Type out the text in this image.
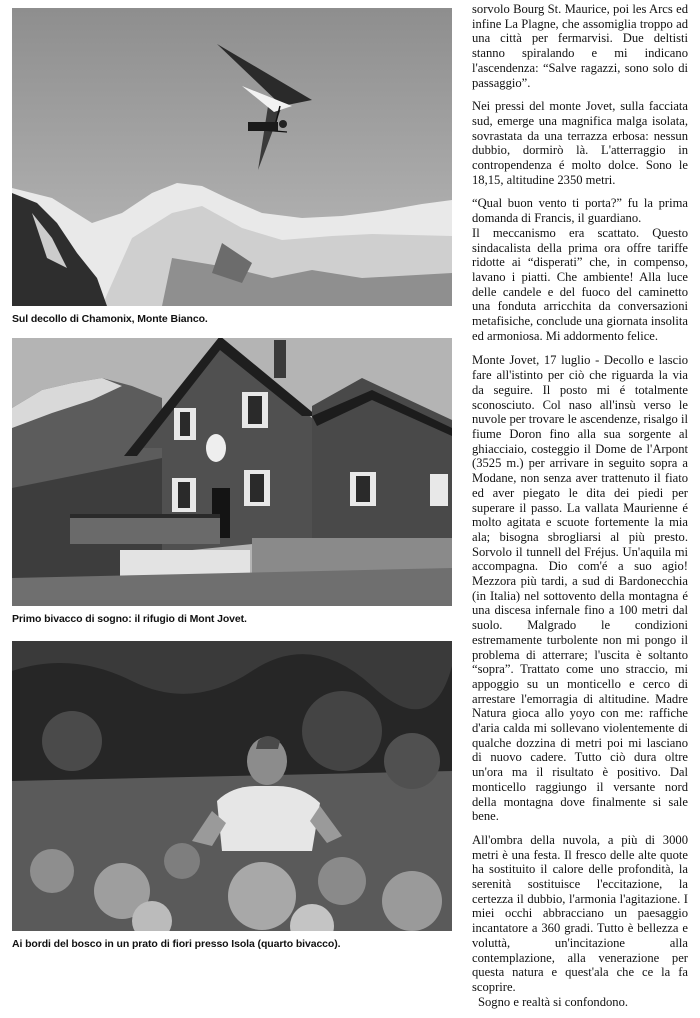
Sul decollo di Chamonix, Monte Bianco.
Primo bivacco di sogno: il rifugio di Mont Jovet.
Ai bordi del bosco in un prato di fiori presso Isola (quarto bivacco).

sorvolo Bourg St. Maurice, poi les Arcs ed infine La Plagne, che assomiglia troppo ad una città per fermarvisi. Due deltisti stanno spiralando e mi indicano l'ascendenza: “Salve ragazzi, sono solo di passaggio”.

Nei pressi del monte Jovet, sulla facciata sud, emerge una magnifica malga isolata, sovrastata da una terrazza erbosa: nessun dubbio, dormirò là. L'atterraggio in contropendenza é molto dolce. Sono le 18,15, altitudine 2350 metri.

“Qual buon vento ti porta?” fu la prima domanda di Francis, il guardiano.

Il meccanismo era scattato. Questo sindacalista della prima ora offre tariffe ridotte ai “disperati” che, in compenso, lavano i piatti. Che ambiente! Alla luce delle candele e del fuoco del caminetto una fonduta arricchita da conversazioni metafisiche, conclude una giornata insolita ed armoniosa. Mi addormento felice.

Monte Jovet, 17 luglio - Decollo e lascio fare all'istinto per ciò che riguarda la via da seguire. Il posto mi é totalmente sconosciuto. Col naso all'insù verso le nuvole per trovare le ascendenze, risalgo il fiume Doron fino alla sua sorgente al ghiacciaio, costeggio il Dome de l'Arpont (3525 m.) per arrivare in seguito sopra a Modane, non senza aver trattenuto il fiato ed aver piegato le dita dei piedi per superare il passo. La vallata Maurienne é molto agitata e scuote fortemente la mia ala; bisogna sbrogliarsi al più presto. Sorvolo il tunnell del Fréjus. Un'aquila mi accompagna. Dio com'é a suo agio! Mezzora più tardi, a sud di Bardonecchia (in Italia) nel sottovento della montagna é una discesa infernale fino a 100 metri dal suolo. Malgrado le condizioni estremamente turbolente non mi pongo il problema di atterrare; l'uscita è soltanto “sopra”. Trattato come uno straccio, mi appoggio su un monticello e cerco di arrestare l'emorragia di altitudine. Madre Natura gioca allo yoyo con me: raffiche d'aria calda mi sollevano violentemente di qualche dozzina di metri poi mi lasciano di nuovo cadere. Tutto ciò dura oltre un'ora ma il risultato è positivo. Dal monticello raggiungo il versante nord della montagna dove finalmente si sale bene.

All'ombra della nuvola, a più di 3000 metri è una festa. Il fresco delle alte quote ha sostituito il calore delle profondità, la serenità sostituisce l'eccitazione, la certezza il dubbio, l'armonia l'agitazione. I miei occhi abbracciano un paesaggio incantatore a 360 gradi. Tutto è bellezza e voluttà, un'incitazione alla contemplazione, alla venerazione per questa natura e quest'ala che ce la fa scoprire.

Sogno e realtà si confondono.
